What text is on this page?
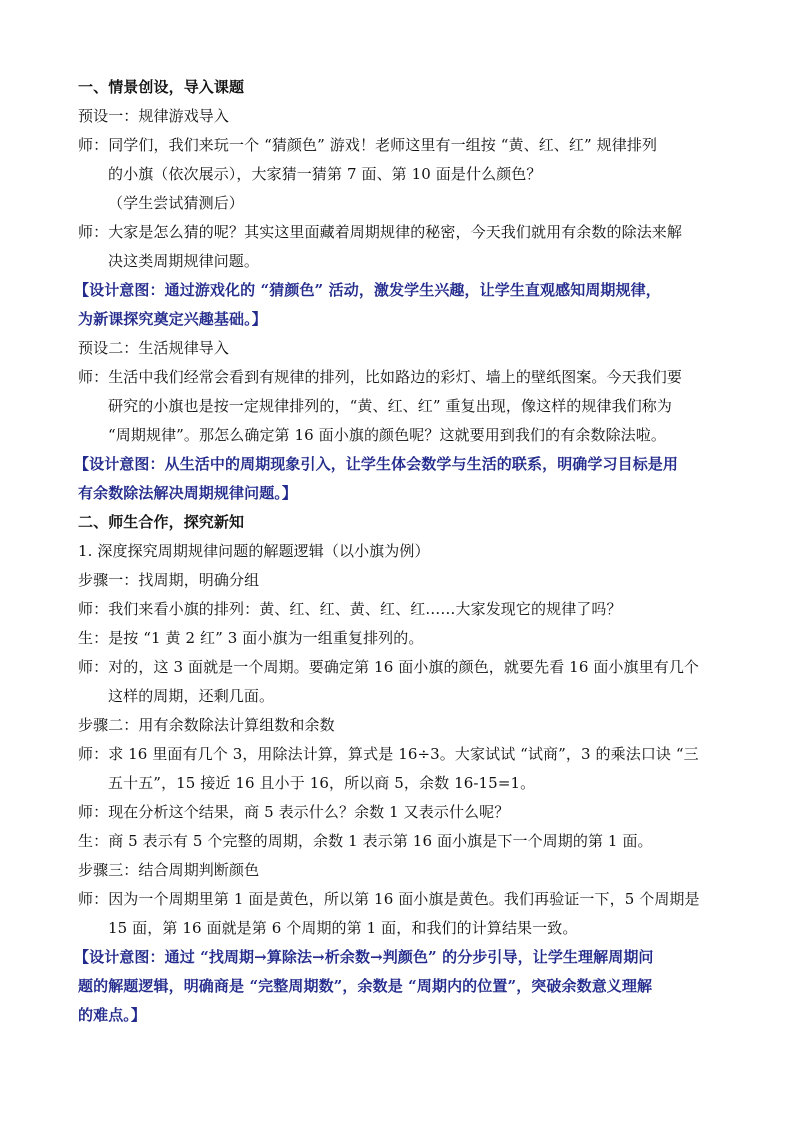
一、情景创设，导入课题
预设一：规律游戏导入
师：同学们，我们来玩一个 “猜颜色” 游戏！老师这里有一组按 “黄、红、红” 规律排列
的小旗（依次展示），大家猜一猜第 7 面、第 10 面是什么颜色？
（学生尝试猜测后）
师：大家是怎么猜的呢？其实这里面藏着周期规律的秘密，今天我们就用有余数的除法来解
决这类周期规律问题。
【设计意图：通过游戏化的 “猜颜色” 活动，激发学生兴趣，让学生直观感知周期规律，
为新课探究奠定兴趣基础。】
预设二：生活规律导入
师：生活中我们经常会看到有规律的排列，比如路边的彩灯、墙上的壁纸图案。今天我们要
研究的小旗也是按一定规律排列的，“黄、红、红” 重复出现，像这样的规律我们称为
“周期规律”。那怎么确定第 16 面小旗的颜色呢？这就要用到我们的有余数除法啦。
【设计意图：从生活中的周期现象引入，让学生体会数学与生活的联系，明确学习目标是用
有余数除法解决周期规律问题。】
二、师生合作，探究新知
1. 深度探究周期规律问题的解题逻辑（以小旗为例）
步骤一：找周期，明确分组
师：我们来看小旗的排列：黄、红、红、黄、红、红……大家发现它的规律了吗？
生：是按 “1 黄 2 红” 3 面小旗为一组重复排列的。
师：对的，这 3 面就是一个周期。要确定第 16 面小旗的颜色，就要先看 16 面小旗里有几个
这样的周期，还剩几面。
步骤二：用有余数除法计算组数和余数
师：求 16 里面有几个 3，用除法计算，算式是 16÷3。大家试试 “试商”，3 的乘法口诀 “三
五十五”，15 接近 16 且小于 16，所以商 5，余数 16-15=1。
师：现在分析这个结果，商 5 表示什么？余数 1 又表示什么呢？
生：商 5 表示有 5 个完整的周期，余数 1 表示第 16 面小旗是下一个周期的第 1 面。
步骤三：结合周期判断颜色
师：因为一个周期里第 1 面是黄色，所以第 16 面小旗是黄色。我们再验证一下，5 个周期是
15 面，第 16 面就是第 6 个周期的第 1 面，和我们的计算结果一致。
【设计意图：通过 “找周期→算除法→析余数→判颜色” 的分步引导，让学生理解周期问
题的解题逻辑，明确商是 “完整周期数”，余数是 “周期内的位置”，突破余数意义理解
的难点。】
